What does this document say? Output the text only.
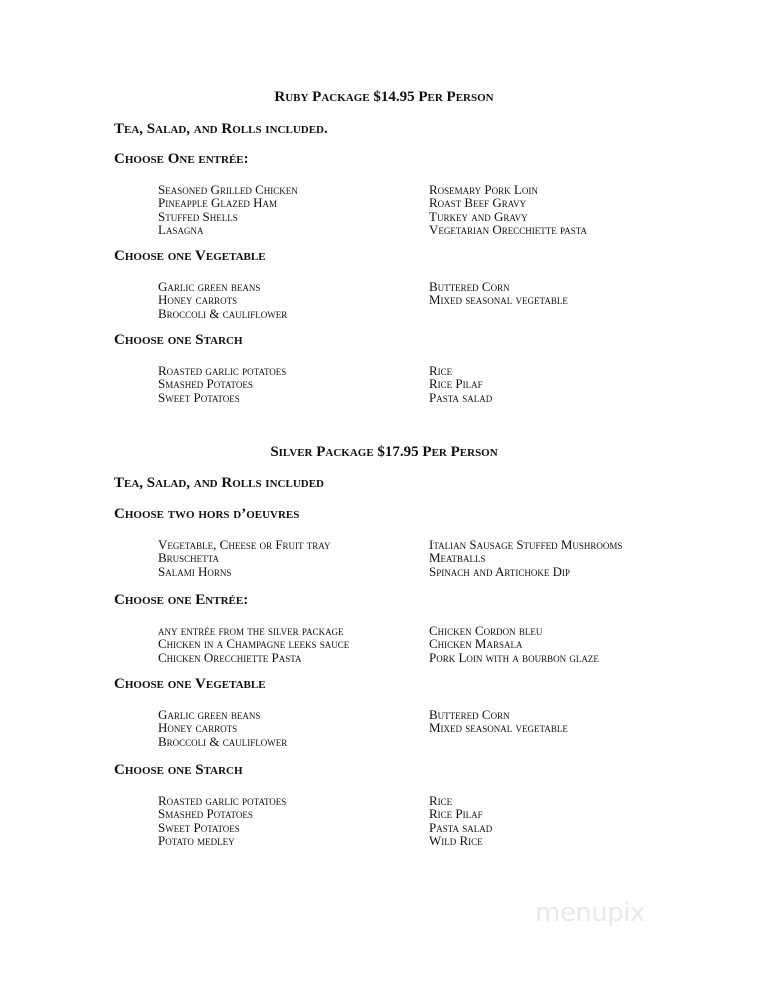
Ruby Package $14.95 Per Person
Tea, Salad, and Rolls included.
Choose One entrée:
Seasoned Grilled Chicken
Pineapple Glazed Ham
Stuffed Shells
Lasagna
Rosemary Pork Loin
Roast Beef Gravy
Turkey and Gravy
Vegetarian Orecchiette pasta
Choose one Vegetable
Garlic green beans
Honey carrots
Broccoli & cauliflower
Buttered Corn
Mixed seasonal vegetable
Choose one Starch
Roasted garlic potatoes
Smashed Potatoes
Sweet Potatoes
Rice
Rice Pilaf
Pasta salad
Silver Package $17.95 Per Person
Tea, Salad, and Rolls included
Choose two hors d’oeuvres
Vegetable, Cheese or Fruit tray
Bruschetta
Salami Horns
Italian Sausage Stuffed Mushrooms
Meatballs
Spinach and Artichoke Dip
Choose one Entrée:
any entrée from the silver package
Chicken in a Champagne leeks sauce
Chicken Orecchiette Pasta
Chicken Cordon bleu
Chicken Marsala
Pork Loin with a bourbon glaze
Choose one Vegetable
Garlic green beans
Honey carrots
Broccoli & cauliflower
Buttered Corn
Mixed seasonal vegetable
Choose one Starch
Roasted garlic potatoes
Smashed Potatoes
Sweet Potatoes
Potato medley
Rice
Rice Pilaf
Pasta salad
Wild Rice
menupix
